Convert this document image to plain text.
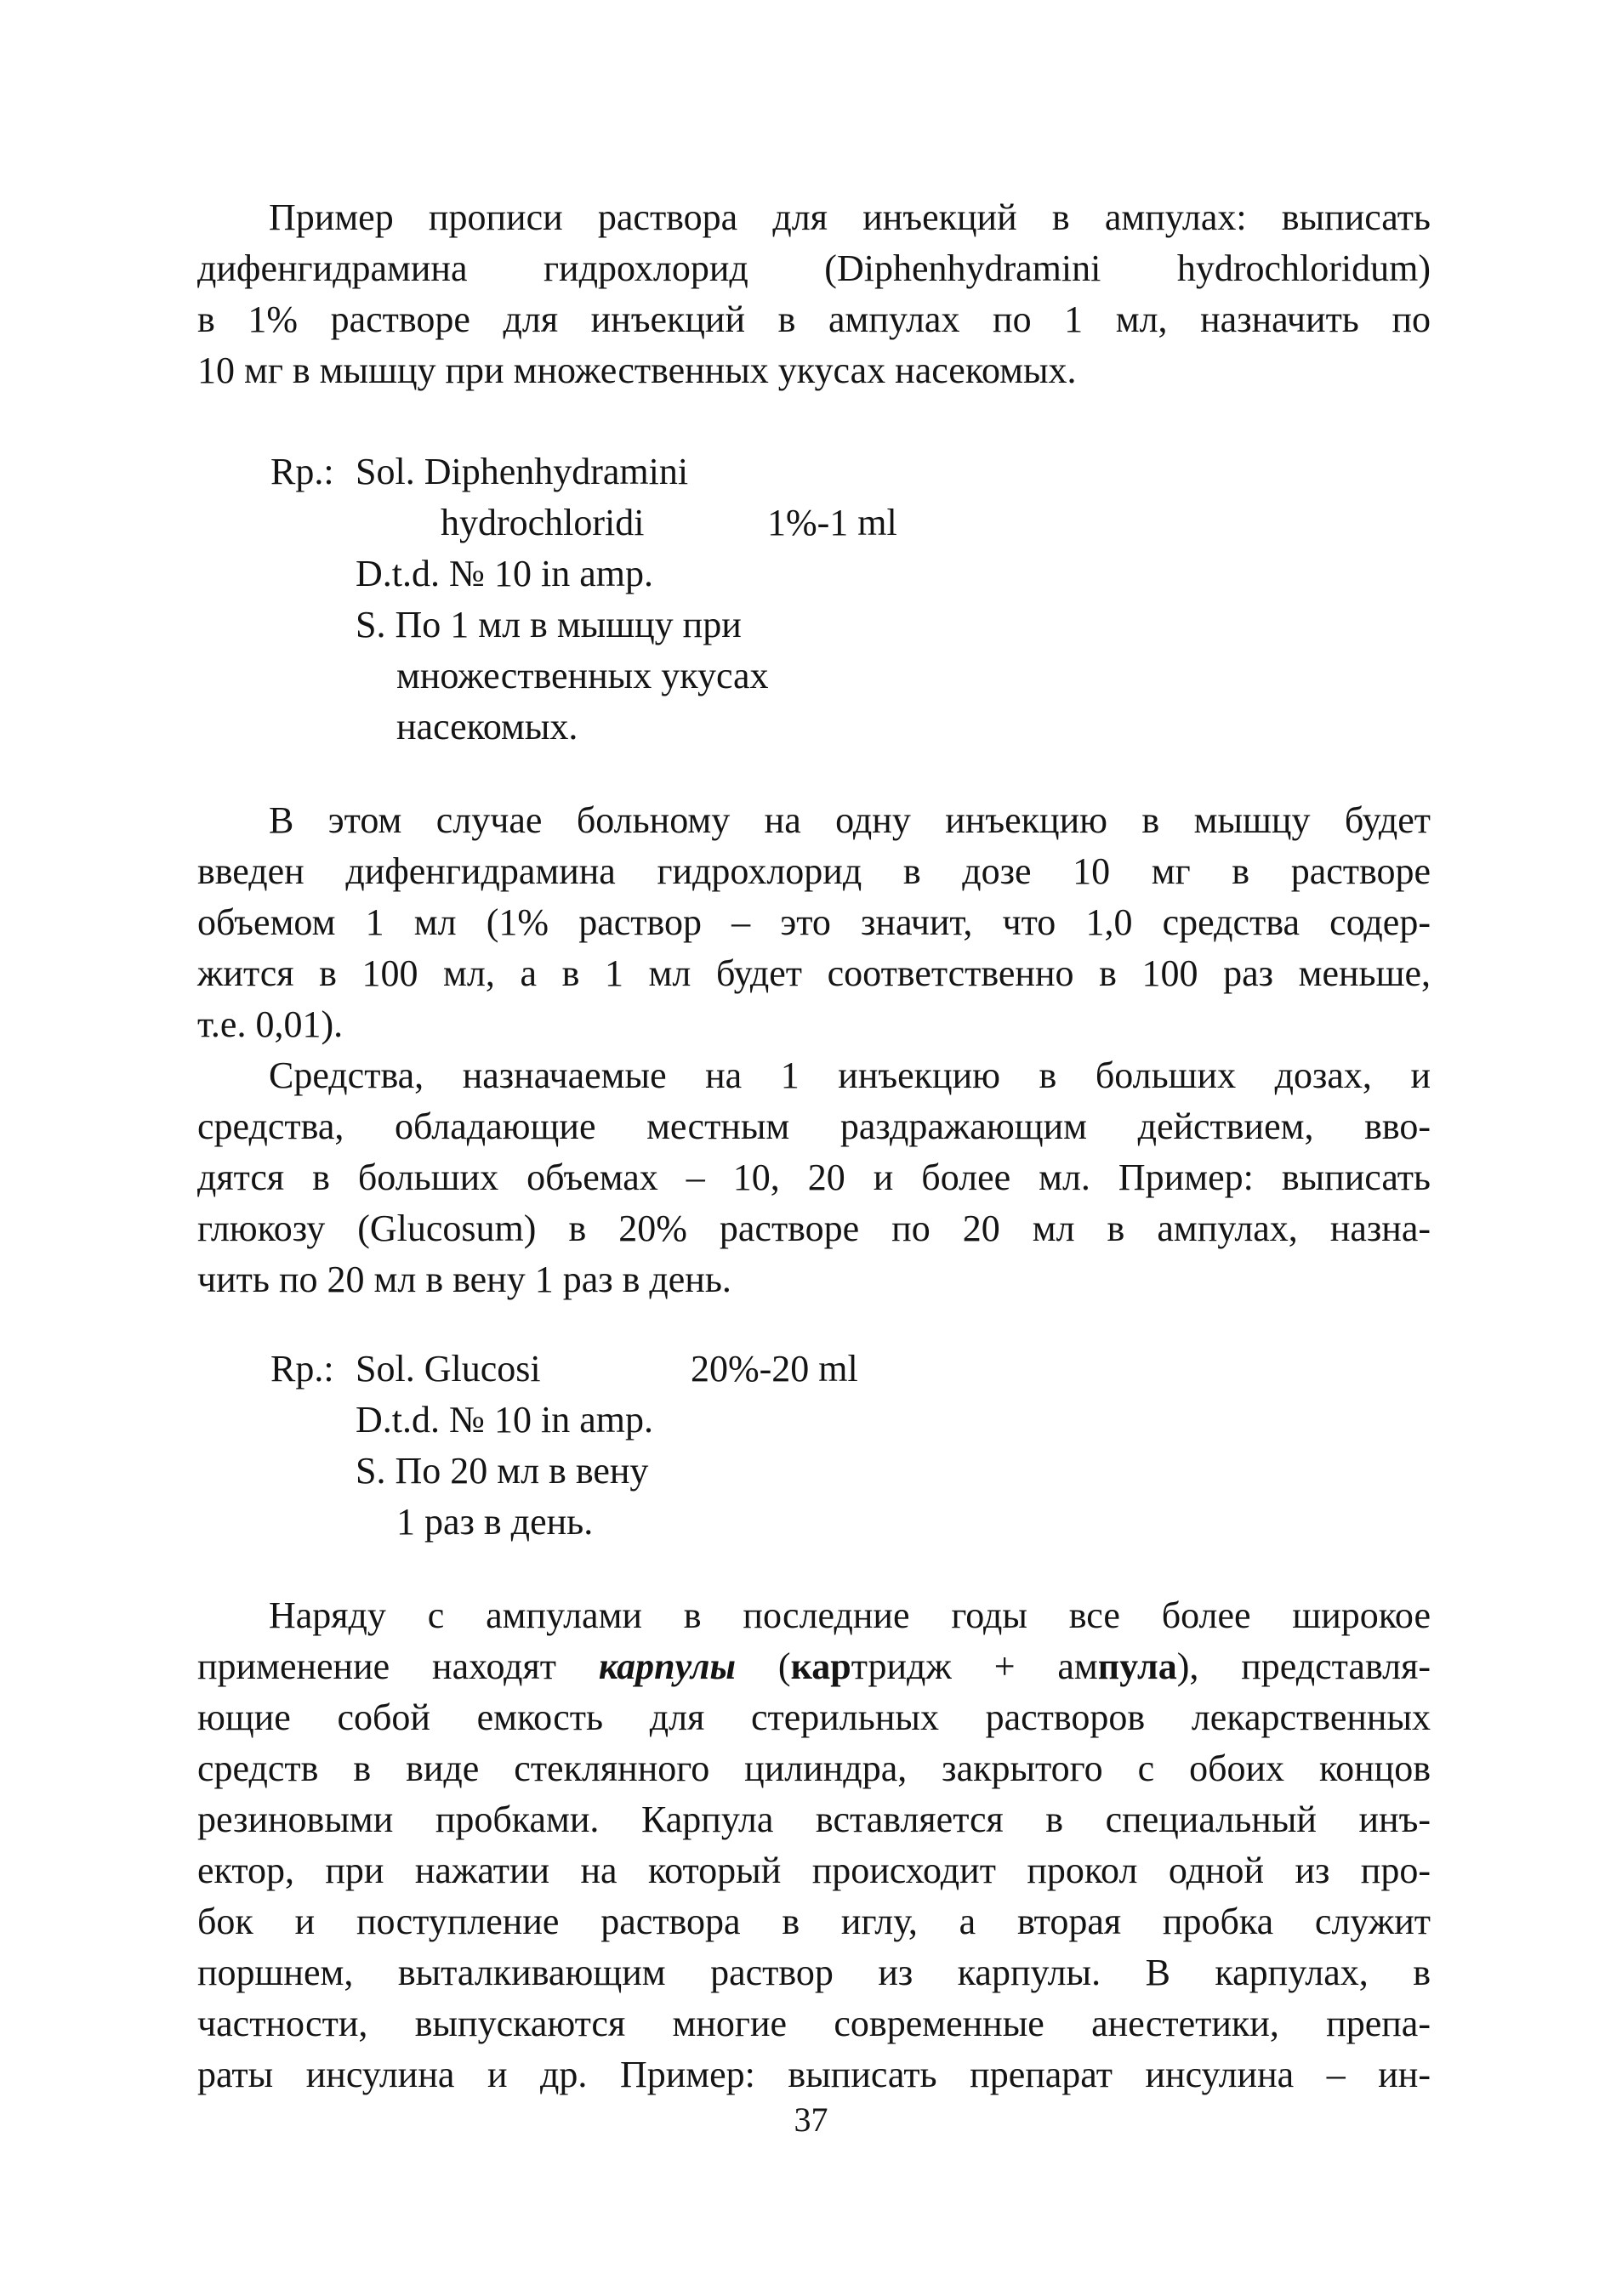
Пример прописи раствора для инъекций в ампулах: выписать
дифенгидрамина гидрохлорид (Diphenhydramini hydrochloridum)
в 1% растворе для инъекций в ампулах по 1 мл, назначить по
10 мг в мышцу при множественных укусах насекомых.

Rp.: Sol. Diphenhydramini

hydrochloridi	1%-1 ml

D.t.d. № 10 in amp.

S. По 1 мл в мышцу при

множественных укусах

насекомых.

В этом случае больному на одну инъекцию в мышцу будет
введен дифенгидрамина гидрохлорид в дозе 10 мг в растворе
объемом 1 мл (1% раствор – это значит, что 1,0 средства содер-
жится в 100 мл, а в 1 мл будет соответственно в 100 раз меньше,
т.е. 0,01).
Средства, назначаемые на 1 инъекцию в больших дозах, и
средства, обладающие местным раздражающим действием, вво-
дятся в больших объемах – 10, 20 и более мл. Пример: выписать
глюкозу (Glucosum) в 20% растворе по 20 мл в ампулах, назна-
чить по 20 мл в вену 1 раз в день.

Rp.: Sol. Glucosi	20%-20 ml

D.t.d. № 10 in amp.

S. По 20 мл в вену

1 раз в день.

Наряду с ампулами в последние годы все более широкое
применение находят карпулы (картридж + ампула), представля-
ющие собой емкость для стерильных растворов лекарственных
средств в виде стеклянного цилиндра, закрытого с обоих концов
резиновыми пробками. Карпула вставляется в специальный инъ-
ектор, при нажатии на который происходит прокол одной из про-
бок и поступление раствора в иглу, а вторая пробка служит
поршнем, выталкивающим раствор из карпулы. В карпулах, в
частности, выпускаются многие современные анестетики, препа-
раты инсулина и др. Пример: выписать препарат инсулина – ин-
37
